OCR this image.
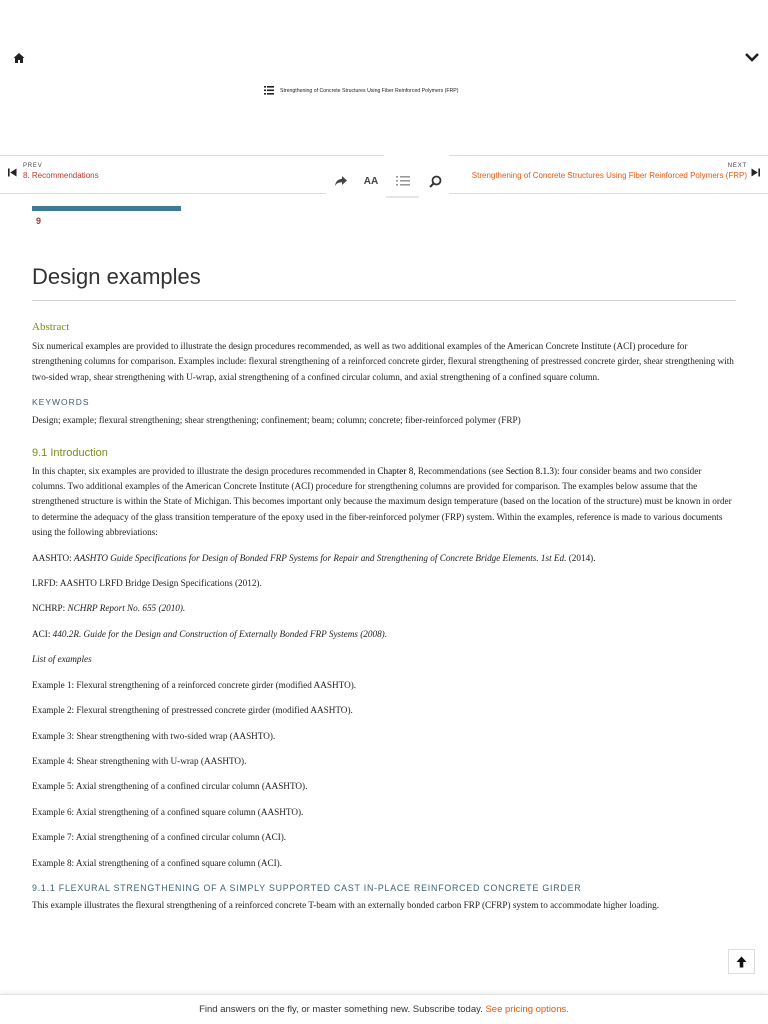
Strengthening of Concrete Structures Using Fiber Reinforced Polymers (FRP)
PREV
8. Recommendations	AA
NEXT
Strengthening of Concrete Structures Using Fiber Reinforced Polymers (FRP)
9
Design examples
Abstract

Six numerical examples are provided to illustrate the design procedures recommended, as well as two additional examples of the American Concrete Institute (ACI) procedure for strengthening columns for comparison. Examples include: flexural strengthening of a reinforced concrete girder, flexural strengthening of prestressed concrete girder, shear strengthening with two-sided wrap, shear strengthening with U-wrap, axial strengthening of a confined circular column, and axial strengthening of a confined square column.

KEYWORDS

Design; example; flexural strengthening; shear strengthening; confinement; beam; column; concrete; fiber-reinforced polymer (FRP)

9.1 Introduction

In this chapter, six examples are provided to illustrate the design procedures recommended in Chapter 8, Recommendations (see Section 8.1.3): four consider beams and two consider columns. Two additional examples of the American Concrete Institute (ACI) procedure for strengthening columns are provided for comparison. The examples below assume that the strengthened structure is within the State of Michigan. This becomes important only because the maximum design temperature (based on the location of the structure) must be known in order to determine the adequacy of the glass transition temperature of the epoxy used in the fiber-reinforced polymer (FRP) system. Within the examples, reference is made to various documents using the following abbreviations:

AASHTO: AASHTO Guide Specifications for Design of Bonded FRP Systems for Repair and Strengthening of Concrete Bridge Elements. 1st Ed. (2014).

LRFD: AASHTO LRFD Bridge Design Specifications (2012).

NCHRP: NCHRP Report No. 655 (2010).

ACI: 440.2R. Guide for the Design and Construction of Externally Bonded FRP Systems (2008).

List of examples

Example 1: Flexural strengthening of a reinforced concrete girder (modified AASHTO).

Example 2: Flexural strengthening of prestressed concrete girder (modified AASHTO).

Example 3: Shear strengthening with two-sided wrap (AASHTO).

Example 4: Shear strengthening with U-wrap (AASHTO).

Example 5: Axial strengthening of a confined circular column (AASHTO).

Example 6: Axial strengthening of a confined square column (AASHTO).

Example 7: Axial strengthening of a confined circular column (ACI).

Example 8: Axial strengthening of a confined square column (ACI).

9.1.1 FLEXURAL STRENGTHENING OF A SIMPLY SUPPORTED CAST IN-PLACE REINFORCED CONCRETE GIRDER

This example illustrates the flexural strengthening of a reinforced concrete T-beam with an externally bonded carbon FRP (CFRP) system to accommodate higher loading.

Find answers on the fly, or master something new. Subscribe today. See pricing options.
